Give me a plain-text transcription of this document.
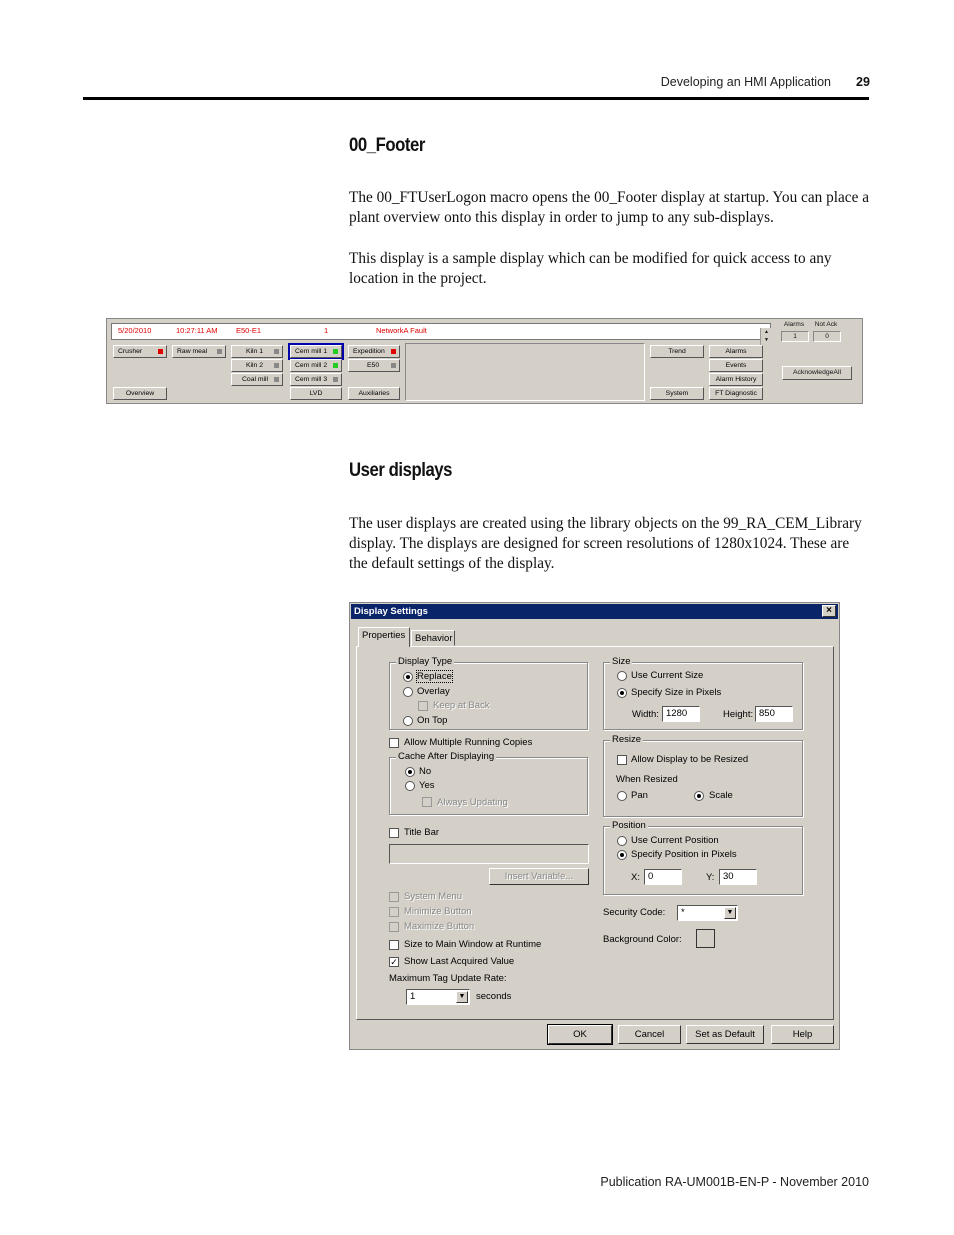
Developing an HMI Application 29
00_Footer

The 00_FTUserLogon macro opens the 00_Footer display at startup. You can place a plant overview onto this display in order to jump to any sub-displays.

This display is a sample display which can be modified for quick access to any location in the project.

5/20/2010	10:27:11 AM E50-E1	1	NetworkA Fault	▲
▼
Crusher	Raw meal
Overview
Kiln 1
Kiln 2
Coal mill
Cem mill 1
Cem mill 2
Cem mill 3
LVD
Expedition
E50
Auxiliaries
Trend
System
Alarms
Events
Alarm History
FT Diagnostic
Alarms	Not Ack
1	0
AcknowledgeAll
User displays

The user displays are created using the library objects on the 99_RA_CEM_Library display. The displays are designed for screen resolutions of 1280x1024. These are the default settings of the display.

Display Settings	×
Display Type
Replace
Overlay
Keep at Back
On Top
Allow Multiple Running Copies
Cache After Displaying
No
Yes
Always Updating
Title Bar
Insert Variable...
System Menu
Minimize Button
Maximize Button
Size to Main Window at Runtime
✓ Show Last Acquired Value
Maximum Tag Update Rate:
1	▼ seconds
Size
Use Current Size
Specify Size in Pixels
Width: 1280	Height: 850
Resize
Allow Display to be Resized
When Resized
Pan	Scale
Position
Use Current Position
Specify Position in Pixels
X: 0	Y: 30
Security Code:	*	▼
Background Color:
Properties	Behavior
OK	Cancel	Set as Default	Help
Publication RA-UM001B-EN-P - November 2010
